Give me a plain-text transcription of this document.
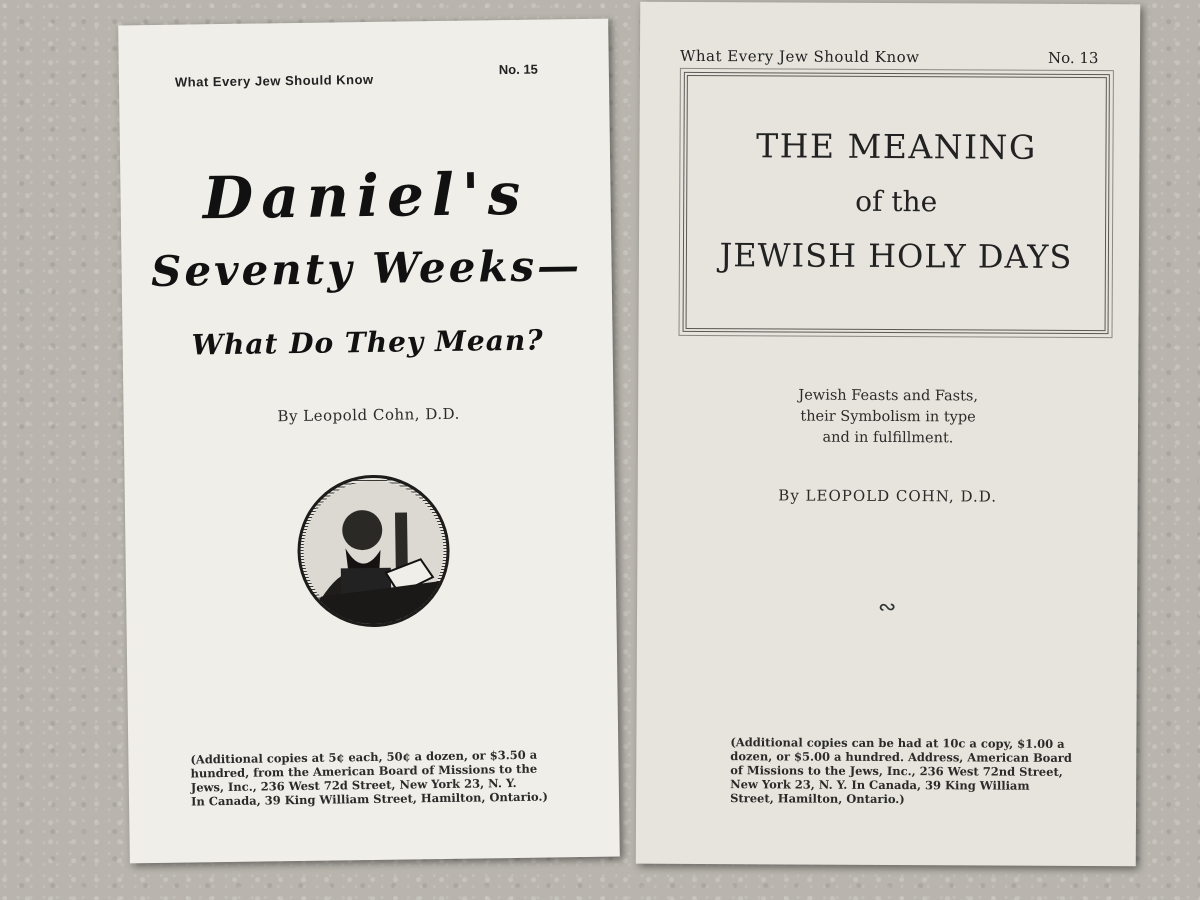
What Every Jew Should Know
No. 15
Daniel's
Seventy Weeks—
What Do They Mean?
By Leopold Cohn, D.D.
(Additional copies at 5¢ each, 50¢ a dozen, or $3.50 a
hundred, from the American Board of Missions to the
Jews, Inc., 236 West 72d Street, New York 23, N. Y.
In Canada, 39 King William Street, Hamilton, Ontario.)
What Every Jew Should Know	No. 13
THE MEANING
of the
JEWISH HOLY DAYS
Jewish Feasts and Fasts,
their Symbolism in type
and in fulfillment.
By LEOPOLD COHN, D.D.
∾
(Additional copies can be had at 10c a copy, $1.00 a
dozen, or $5.00 a hundred. Address, American Board
of Missions to the Jews, Inc., 236 West 72nd Street,
New York 23, N. Y. In Canada, 39 King William
Street, Hamilton, Ontario.)
